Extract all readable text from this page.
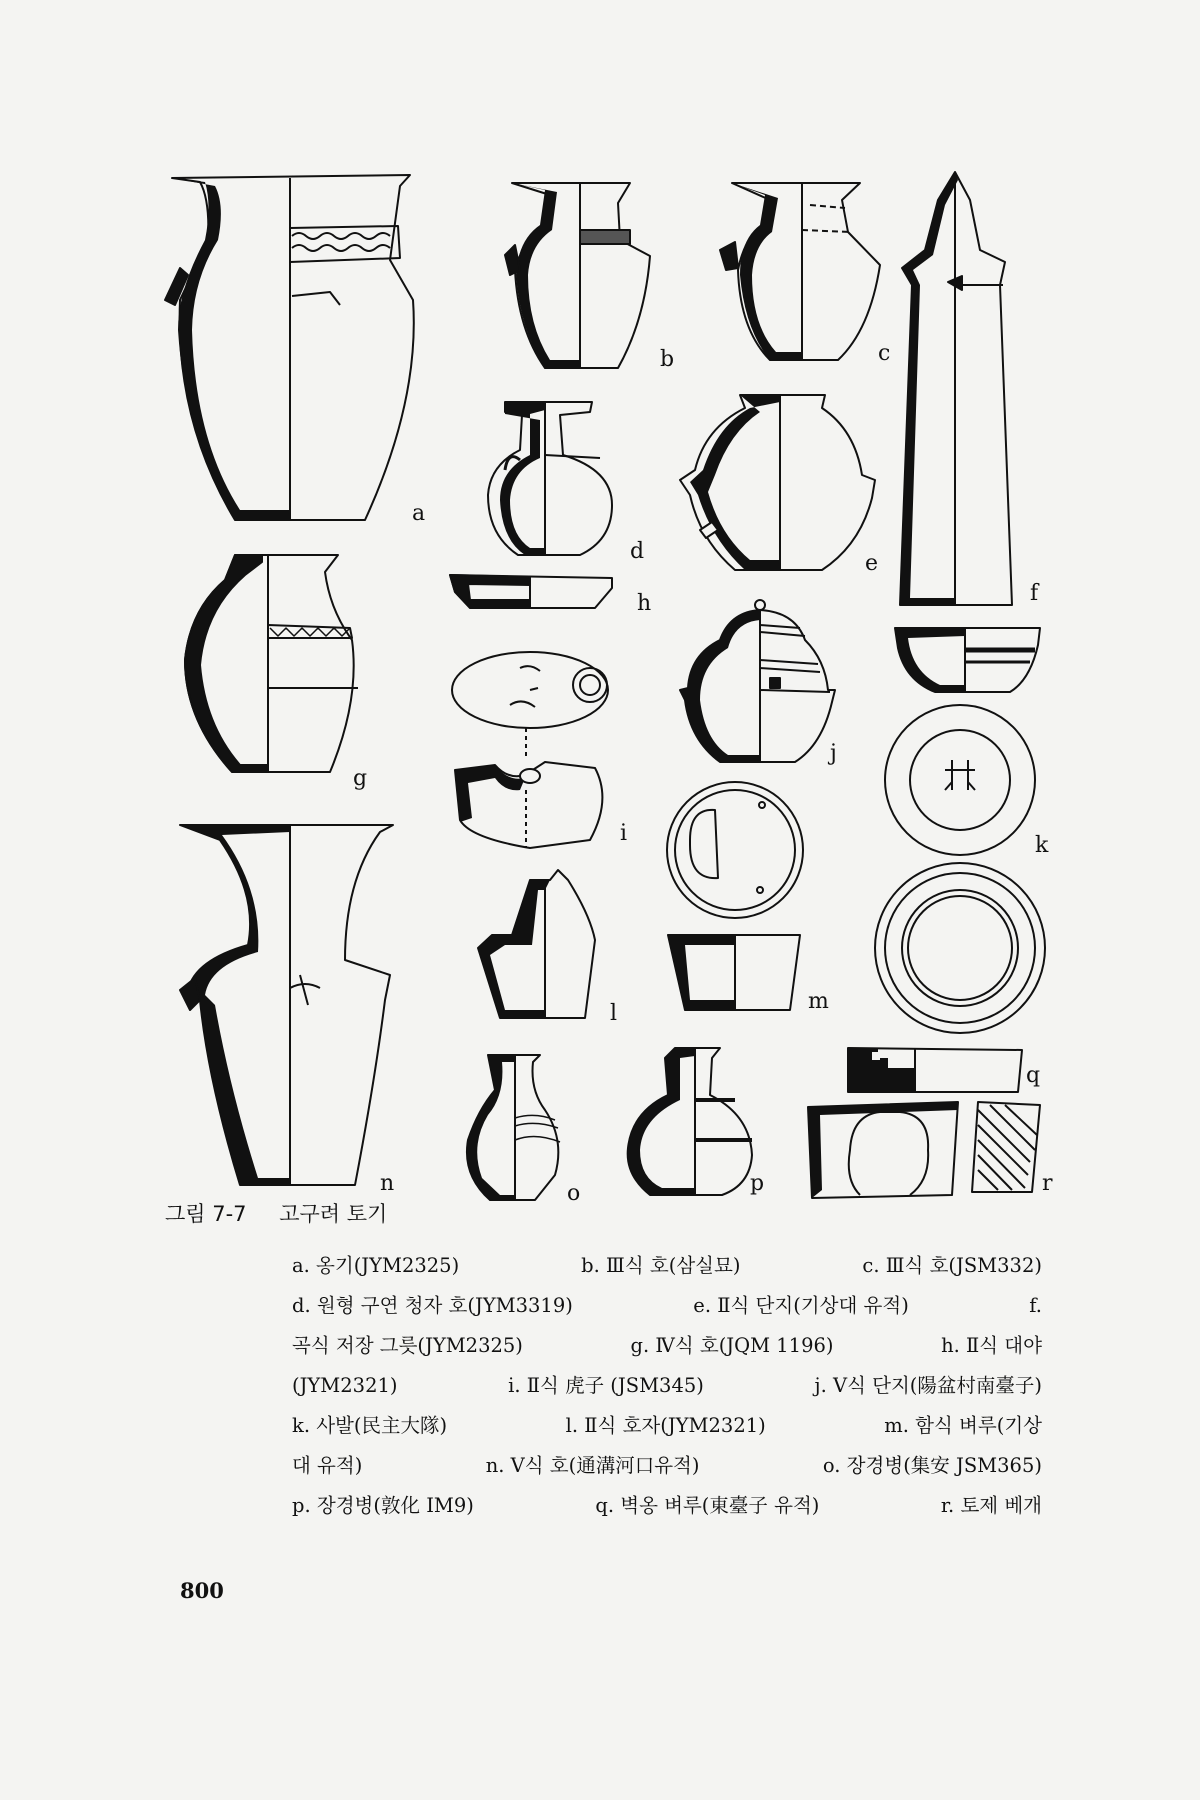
a
b	c
d	e
f
g
h
i
j
k
l	m
n	o	p
q
r
그림 7-7 고구려 토기
a. 옹기(JYM2325)	b. Ⅲ식 호(삼실묘)	c. Ⅲ식 호(JSM332)
d. 원형 구연 청자 호(JYM3319)	e. Ⅱ식 단지(기상대 유적)	f.
곡식 저장 그릇(JYM2325)	g. Ⅳ식 호(JQM 1196)	h. Ⅱ식 대야
(JYM2321)	i. Ⅱ식 虎子 (JSM345)	j. V식 단지(陽盆村南臺子)
k. 사발(民主大隊)	l. Ⅱ식 호자(JYM2321)	m. 함식 벼루(기상
대 유적)	n. V식 호(通溝河口유적)	o. 장경병(集安 JSM365)
p. 장경병(敦化 IM9)	q. 벽옹 벼루(東臺子 유적)	r. 토제 베개
800
